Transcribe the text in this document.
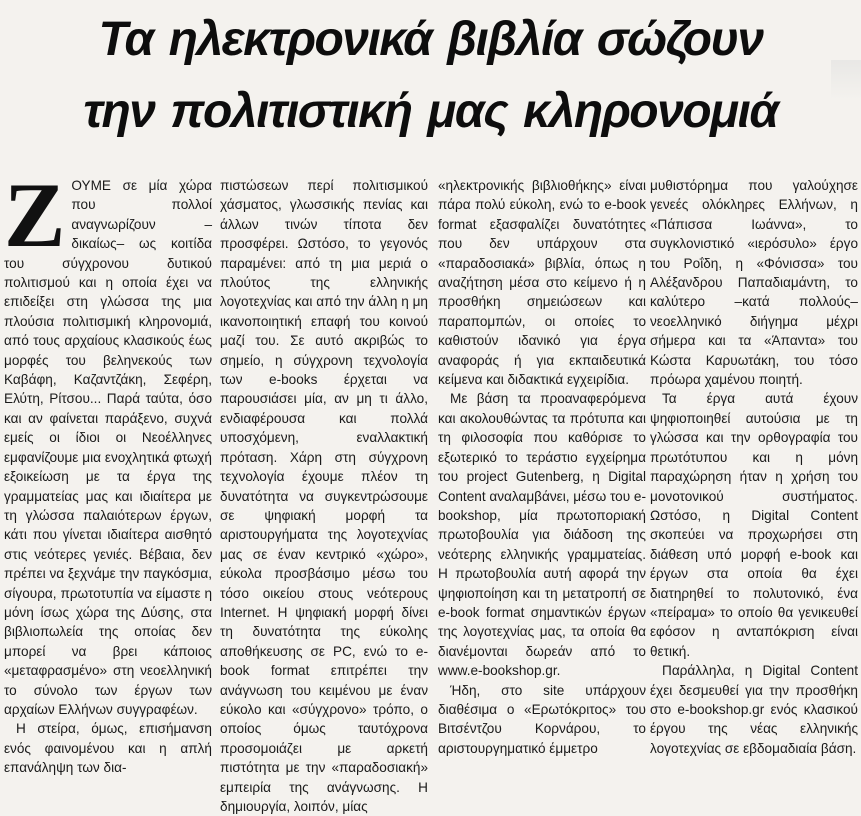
Τα ηλεκτρονικά βιβλία σώζουν
την πολιτιστική μας κληρονομιά

ΖΟΥΜΕ σε μία χώρα που πολλοί αναγνωρίζουν –δικαίως– ως κοιτίδα του σύγχρονου δυτικού πολιτισμού και η οποία έχει να επιδείξει στη γλώσσα της μια πλούσια πολιτισμική κληρονομιά, από τους αρχαίους κλασικούς έως μορφές του βεληνεκούς των Καβάφη, Καζαντζάκη, Σεφέρη, Ελύτη, Ρίτσου... Παρά ταύτα, όσο και αν φαίνεται παράξενο, συχνά εμείς οι ίδιοι οι Νεοέλληνες εμφανίζουμε μια ενοχλητικά φτωχή εξοικείωση με τα έργα της γραμματείας μας και ιδιαίτερα με τη γλώσσα παλαιότερων έργων, κάτι που γίνεται ιδιαίτερα αισθητό στις νεότερες γενιές. Βέβαια, δεν πρέπει να ξεχνάμε την παγκόσμια, σίγουρα, πρωτοτυπία να είμαστε η μόνη ίσως χώρα της Δύσης, στα βιβλιοπωλεία της οποίας δεν μπορεί να βρει κάποιος «μεταφρασμένο» στη νεοελληνική το σύνολο των έργων των αρχαίων Ελλήνων συγγραφέων.

Η στείρα, όμως, επισήμανση ενός φαινομένου και η απλή επανάληψη των δια-

πιστώσεων περί πολιτισμικού χάσματος, γλωσσικής πενίας και άλλων τινών τίποτα δεν προσφέρει. Ωστόσο, το γεγονός παραμένει: από τη μια μεριά ο πλούτος της ελληνικής λογοτεχνίας και από την άλλη η μη ικανοποιητική επαφή του κοινού μαζί του. Σε αυτό ακριβώς το σημείο, η σύγχρονη τεχνολογία των e-books έρχεται να παρουσιάσει μία, αν μη τι άλλο, ενδιαφέρουσα και πολλά υποσχόμενη, εναλλακτική πρόταση. Χάρη στη σύγχρονη τεχνολογία έχουμε πλέον τη δυνατότητα να συγκεντρώσουμε σε ψηφιακή μορφή τα αριστουργήματα της λογοτεχνίας μας σε έναν κεντρικό «χώρο», εύκολα προσβάσιμο μέσω του τόσο οικείου στους νεότερους Internet. Η ψηφιακή μορφή δίνει τη δυνατότητα της εύκολης αποθήκευσης σε PC, ενώ το e-book format επιτρέπει την ανάγνωση του κειμένου με έναν εύκολο και «σύγχρονο» τρόπο, ο οποίος όμως ταυτόχρονα προσομοιάζει με αρκετή πιστότητα με την «παραδοσιακή» εμπειρία της ανάγνωσης. Η δημιουργία, λοιπόν, μίας

«ηλεκτρονικής βιβλιοθήκης» είναι πάρα πολύ εύκολη, ενώ το e-book format εξασφαλίζει δυνατότητες που δεν υπάρχουν στα «παραδοσιακά» βιβλία, όπως η αναζήτηση μέσα στο κείμενο ή η προσθήκη σημειώσεων και παραπομπών, οι οποίες το καθιστούν ιδανικό για έργα αναφοράς ή για εκπαιδευτικά κείμενα και διδακτικά εγχειρίδια.

Με βάση τα προαναφερόμενα και ακολουθώντας τα πρότυπα και τη φιλοσοφία που καθόρισε το εξωτερικό το τεράστιο εγχείρημα του project Gutenberg, η Digital Content αναλαμβάνει, μέσω του e-bookshop, μία πρωτοποριακή πρωτοβουλία για διάδοση της νεότερης ελληνικής γραμματείας. Η πρωτοβουλία αυτή αφορά την ψηφιοποίηση και τη μετατροπή σε e-book format σημαντικών έργων της λογοτεχνίας μας, τα οποία θα διανέμονται δωρεάν από το www.e-bookshop.gr.

Ήδη, στο site υπάρχουν διαθέσιμα ο «Ερωτόκριτος» του Βιτσέντζου Κορνάρου, το αριστουργηματικό έμμετρο

μυθιστόρημα που γαλούχησε γενεές ολόκληρες Ελλήνων, η «Πάπισσα Ιωάννα», το συγκλονιστικό «ιερόσυλο» έργο του Ροΐδη, η «Φόνισσα» του Αλέξανδρου Παπαδιαμάντη, το καλύτερο –κατά πολλούς– νεοελληνικό διήγημα μέχρι σήμερα και τα «Άπαντα» του Κώστα Καρυωτάκη, του τόσο πρόωρα χαμένου ποιητή.

Τα έργα αυτά έχουν ψηφιοποιηθεί αυτούσια με τη γλώσσα και την ορθογραφία του πρωτότυπου και η μόνη παραχώρηση ήταν η χρήση του μονοτονικού συστήματος. Ωστόσο, η Digital Content σκοπεύει να προχωρήσει στη διάθεση υπό μορφή e-book και έργων στα οποία θα έχει διατηρηθεί το πολυτονικό, ένα «πείραμα» το οποίο θα γενικευθεί εφόσον η ανταπόκριση είναι θετική.

Παράλληλα, η Digital Content έχει δεσμευθεί για την προσθήκη στο e-bookshop.gr ενός κλασικού έργου της νέας ελληνικής λογοτεχνίας σε εβδομαδιαία βάση.
